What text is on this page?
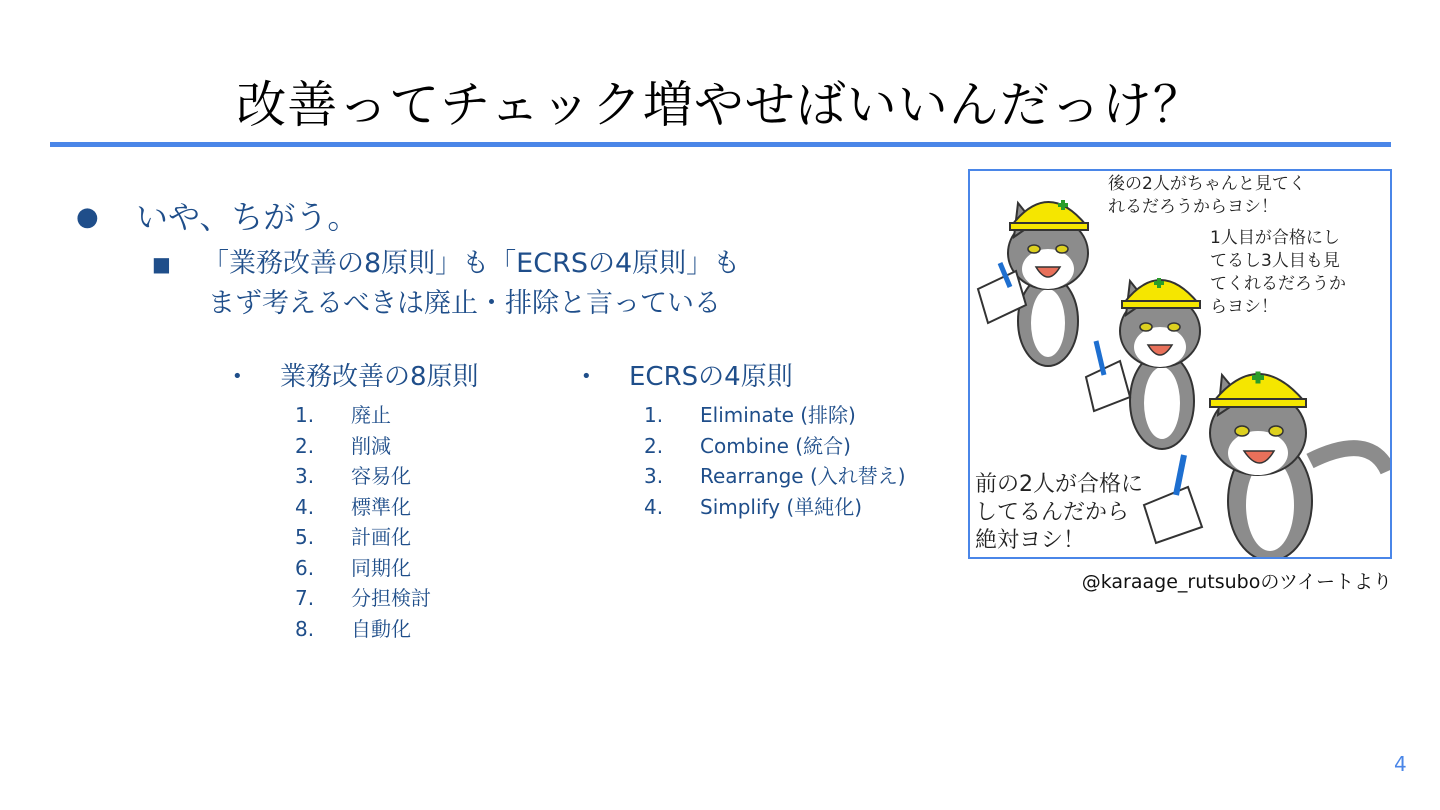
改善ってチェック増やせばいいんだっけ？
●	いや、ちがう。
■ 「業務改善の8原則」も「ECRSの4原則」も
まず考えるべきは廃止・排除と言っている
• 業務改善の8原則
1. 廃止
2. 削減
3. 容易化
4. 標準化
5. 計画化
6. 同期化
7. 分担検討
8. 自動化
• ECRSの4原則
1. Eliminate (排除)
2. Combine (統合)
3. Rearrange (入れ替え)
4. Simplify (単純化)
後の2人がちゃんと見てく
れるだろうからヨシ！
1人目が合格にし
てるし3人目も見
てくれるだろうか
らヨシ！
前の2人が合格に
してるんだから
絶対ヨシ！
@karaage_rutsuboのツイートより
4
